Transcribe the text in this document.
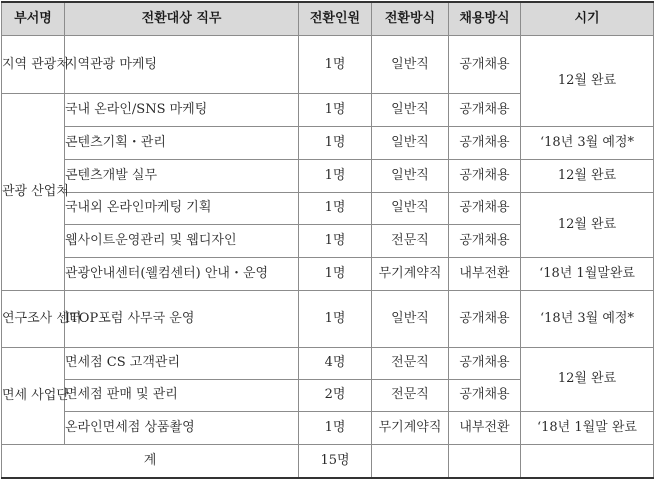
부서명	전환대상 직무	전환인원	전환방식	채용방식	시기
지역 관광처	지역관광 마케팅	1명	일반직	공개채용	12월 완료
관광 산업처	국내 온라인/SNS 마케팅	1명	일반직	공개채용	
	콘텐츠기획・관리	1명	일반직	공개채용	‘18년 3월 예정*
	콘텐츠개발 실무	1명	일반직	공개채용	12월 완료
	국내외 온라인마케팅 기획	1명	일반직	공개채용	12월 완료
	웹사이트운영관리 및 웹디자인	1명	전문직	공개채용	
	관광안내센터(웰컴센터) 안내・운영	1명	무기계약직	내부전환	‘18년 1월말완료
연구조사 센터	ITOP포럼 사무국 운영	1명	일반직	공개채용	‘18년 3월 예정*
면세 사업단	면세점 CS 고객관리	4명	전문직	공개채용	12월 완료
	면세점 판매 및 관리	2명	전문직	공개채용	
	온라인면세점 상품촬영	1명	무기계약직	내부전환	‘18년 1월말 완료
계		15명			
